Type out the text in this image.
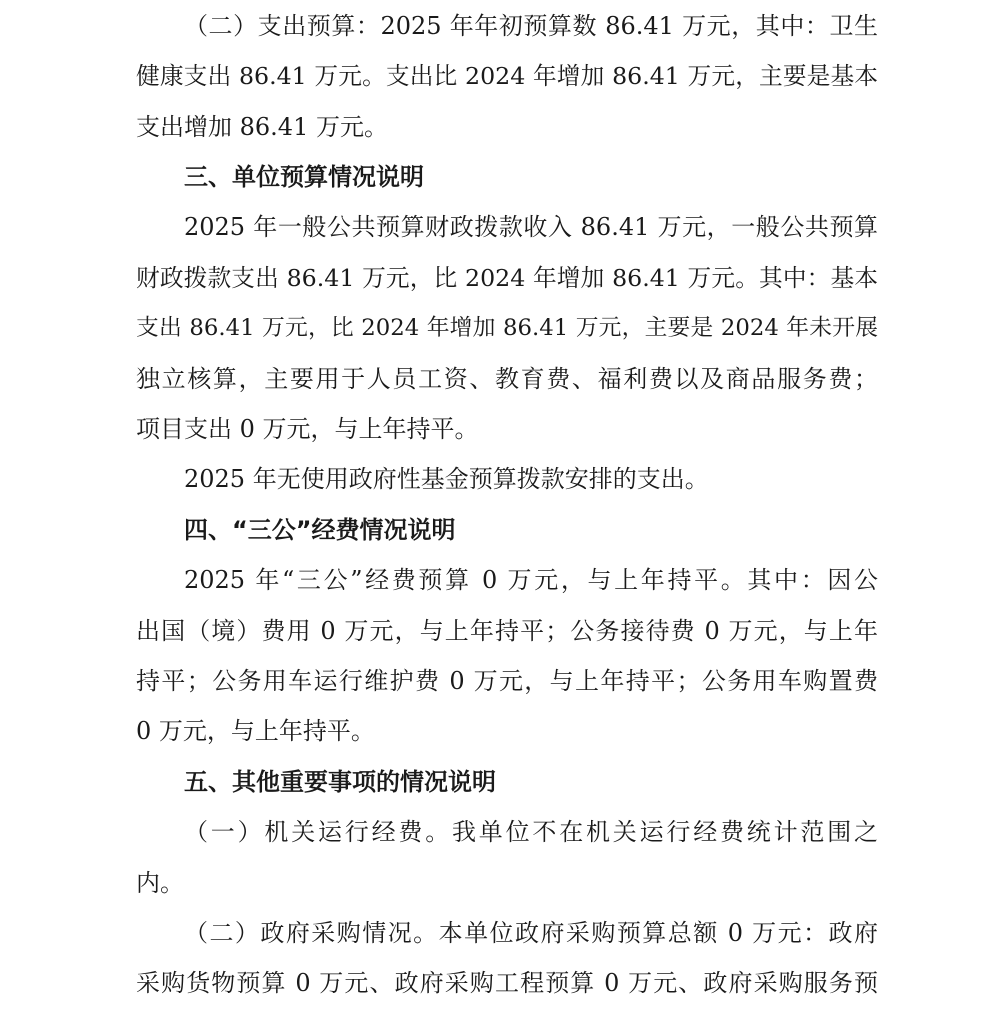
（二）支出预算：2025 年年初预算数 86.41 万元，其中：卫生
健康支出 86.41 万元。支出比 2024 年增加 86.41 万元，主要是基本
支出增加 86.41 万元。
三、单位预算情况说明
2025 年一般公共预算财政拨款收入 86.41 万元，一般公共预算
财政拨款支出 86.41 万元，比 2024 年增加 86.41 万元。其中：基本
支出 86.41 万元，比 2024 年增加 86.41 万元，主要是 2024 年未开展
独立核算，主要用于人员工资、教育费、福利费以及商品服务费；
项目支出 0 万元，与上年持平。
2025 年无使用政府性基金预算拨款安排的支出。
四、“三公”经费情况说明
2025 年“三公”经费预算 0 万元，与上年持平。其中：因公
出国（境）费用 0 万元，与上年持平；公务接待费 0 万元，与上年
持平；公务用车运行维护费 0 万元，与上年持平；公务用车购置费
0 万元，与上年持平。
五、其他重要事项的情况说明
（一）机关运行经费。我单位不在机关运行经费统计范围之
内。
（二）政府采购情况。本单位政府采购预算总额 0 万元：政府
采购货物预算 0 万元、政府采购工程预算 0 万元、政府采购服务预
